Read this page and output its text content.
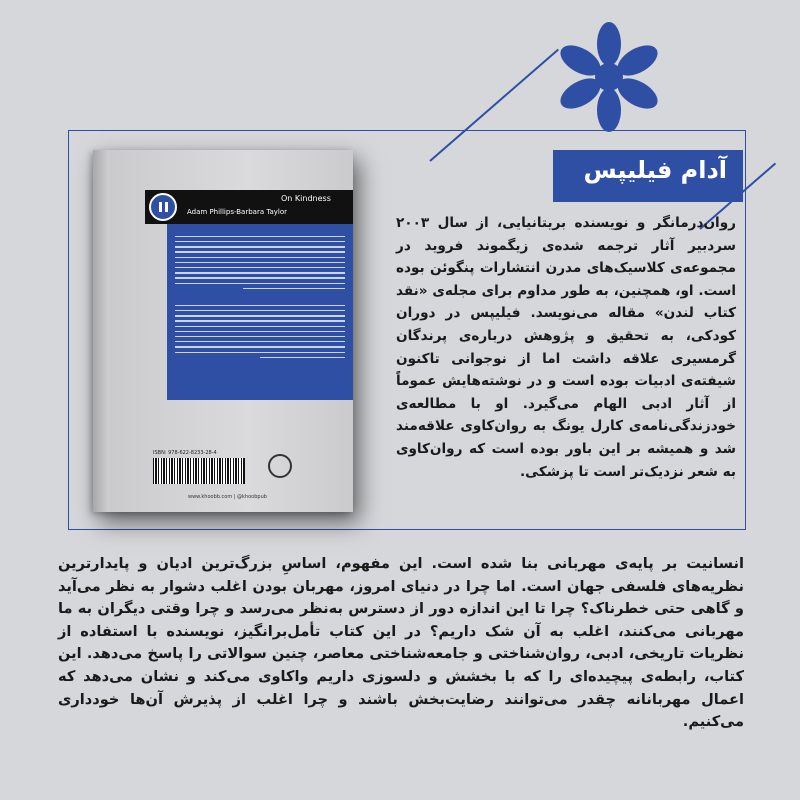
آدام فیلیپس
روان‌درمانگر و نویسنده‌ بریتانیایی، از سال ۲۰۰۳ سردبیر آثار ترجمه شده‌ی زیگموند فروید در مجموعه‌ی کلاسیک‌های مدرن انتشارات پنگوئن بوده است. او، همچنین، به طور مداوم برای مجله‌ی «نقد کتاب لندن» مقاله می‌نویسد. فیلیپس در دوران کودکی، به تحقیق و پژوهش درباره‌ی پرندگان گرمسیری علاقه داشت اما از نوجوانی تاکنون شیفته‌ی ادبیات بوده است و در نوشته‌هایش عموماً از آثار ادبی الهام می‌گیرد. او با مطالعه‌ی خودزندگی‌نامه‌ی کارل یونگ به روان‌کاوی علاقه‌مند شد و همیشه بر این باور بوده است که روان‌کاوی به شعر نزدیک‌تر است تا پزشکی.
On Kindness
Adam Phillips-Barbara Taylor
ISBN: 978-622-8233-28-4
www.khoobb.com | @khoobpub
انسانیت بر پایه‌ی مهربانی بنا شده است. این مفهوم، اساسِ بزرگ‌ترین ادیان و پایدارترین نظریه‌های فلسفی جهان است. اما چرا در دنیای امروز، مهربان بودن اغلب دشوار به نظر می‌آید و گاهی حتی خطرناک؟ چرا تا این اندازه دور از دسترس به‌نظر می‌رسد و چرا وقتی دیگران به ما مهربانی می‌کنند، اغلب به آن شک داریم؟ در این کتاب تأمل‌برانگیز، نویسنده با استفاده از نظریات تاریخی، ادبی، روان‌شناختی و جامعه‌شناختی معاصر، چنین سوالاتی را پاسخ می‌دهد. این کتاب، رابطه‌ی پیچیده‌ای را که با بخشش و دلسوزی داریم واکاوی می‌کند و نشان می‌دهد که اعمال مهربانانه چقدر می‌توانند رضایت‌بخش باشند و چرا اغلب از پذیرش آن‌ها خودداری می‌کنیم.
